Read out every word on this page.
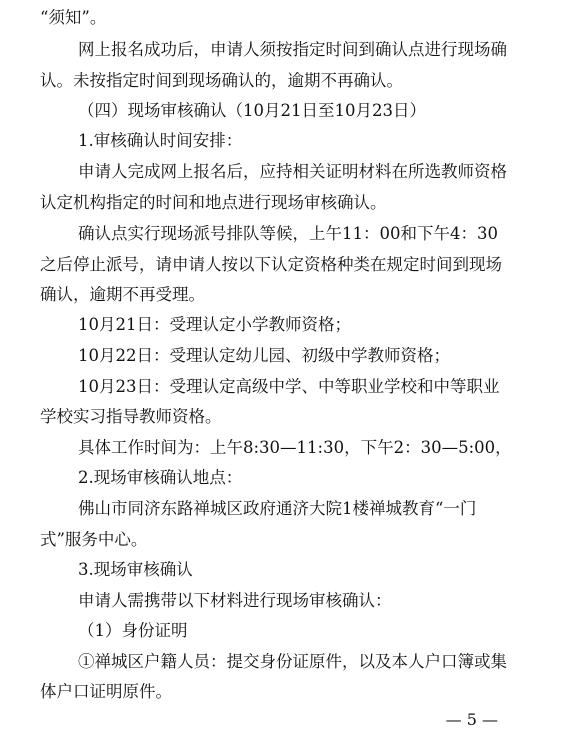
“须知”。
网上报名成功后，申请人须按指定时间到确认点进行现场确
认。未按指定时间到现场确认的，逾期不再确认。
（四）现场审核确认（10月21日至10月23日）
1.审核确认时间安排：
申请人完成网上报名后，应持相关证明材料在所选教师资格
认定机构指定的时间和地点进行现场审核确认。
确认点实行现场派号排队等候，上午11：00和下午4：30
之后停止派号，请申请人按以下认定资格种类在规定时间到现场
确认，逾期不再受理。
10月21日：受理认定小学教师资格；
10月22日：受理认定幼儿园、初级中学教师资格；
10月23日：受理认定高级中学、中等职业学校和中等职业
学校实习指导教师资格。
具体工作时间为：上午8:30—11:30，下午2：30—5:00，
2.现场审核确认地点：
佛山市同济东路禅城区政府通济大院1楼禅城教育“一门
式”服务中心。
3.现场审核确认
申请人需携带以下材料进行现场审核确认：
（1）身份证明
①禅城区户籍人员：提交身份证原件，以及本人户口簿或集
体户口证明原件。
— 5 —
